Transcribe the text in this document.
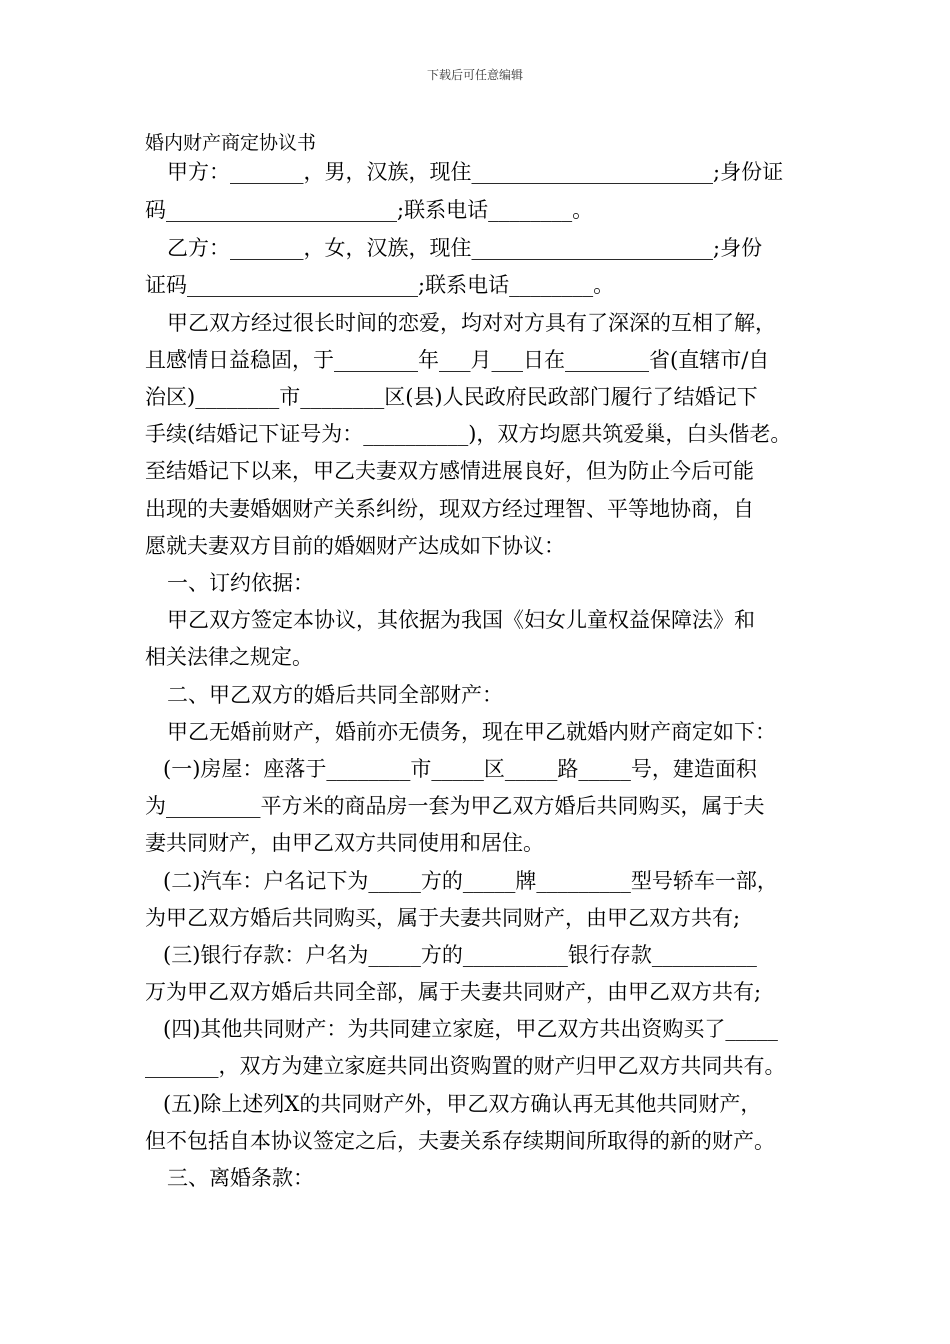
下载后可任意编辑
婚内财产商定协议书
甲方：_______，男，汉族，现住_______________________;身份证
码______________________;联系电话________。
乙方：_______，女，汉族，现住_______________________;身份
证码______________________;联系电话________。
甲乙双方经过很长时间的恋爱，均对对方具有了深深的互相了解，
且感情日益稳固，于________年___月___日在________省(直辖市/自
治区)________市________区(县)人民政府民政部门履行了结婚记下
手续(结婚记下证号为：__________)，双方均愿共筑爱巢，白头偕老。
至结婚记下以来，甲乙夫妻双方感情进展良好，但为防止今后可能
出现的夫妻婚姻财产关系纠纷，现双方经过理智、平等地协商，自
愿就夫妻双方目前的婚姻财产达成如下协议：
一、订约依据：
甲乙双方签定本协议，其依据为我国《妇女儿童权益保障法》和
相关法律之规定。
二、甲乙双方的婚后共同全部财产：
甲乙无婚前财产，婚前亦无债务，现在甲乙就婚内财产商定如下：
(一)房屋：座落于________市_____区_____路_____号，建造面积
为_________平方米的商品房一套为甲乙双方婚后共同购买，属于夫
妻共同财产，由甲乙双方共同使用和居住。
(二)汽车：户名记下为_____方的_____牌_________型号轿车一部，
为甲乙双方婚后共同购买，属于夫妻共同财产，由甲乙双方共有;
(三)银行存款：户名为_____方的__________银行存款__________
万为甲乙双方婚后共同全部，属于夫妻共同财产，由甲乙双方共有;
(四)其他共同财产：为共同建立家庭，甲乙双方共出资购买了_____
_______，双方为建立家庭共同出资购置的财产归甲乙双方共同共有。
(五)除上述列X的共同财产外，甲乙双方确认再无其他共同财产，
但不包括自本协议签定之后，夫妻关系存续期间所取得的新的财产。
三、离婚条款：
